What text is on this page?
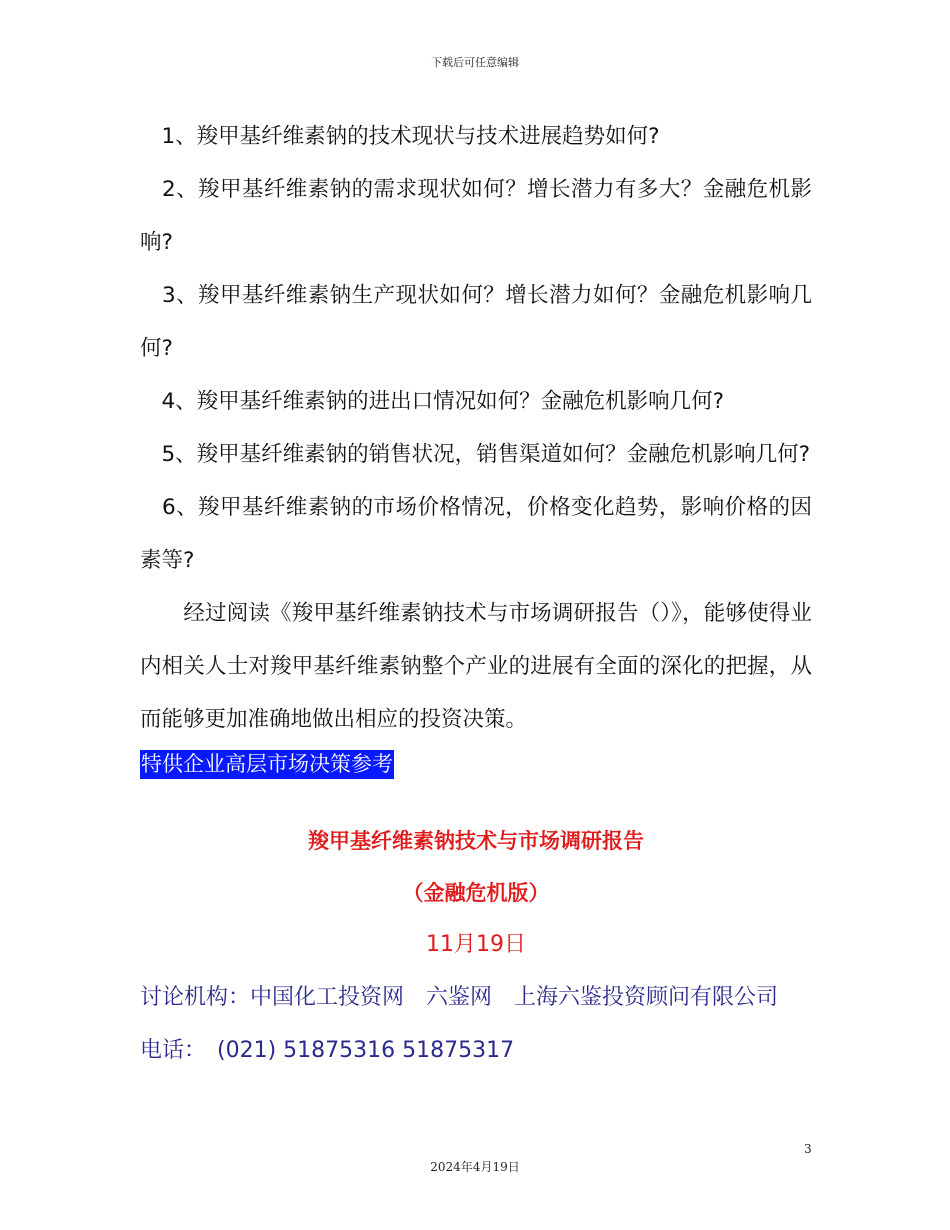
下载后可任意编辑

　1、羧甲基纤维素钠的技术现状与技术进展趋势如何?

　2、羧甲基纤维素钠的需求现状如何？增长潜力有多大？金融危机影响?

　3、羧甲基纤维素钠生产现状如何？增长潜力如何？金融危机影响几何?

　4、羧甲基纤维素钠的进出口情况如何？金融危机影响几何?

　5、羧甲基纤维素钠的销售状况，销售渠道如何？金融危机影响几何?

　6、羧甲基纤维素钠的市场价格情况，价格变化趋势，影响价格的因素等?

　　经过阅读《羧甲基纤维素钠技术与市场调研报告（）》，能够使得业内相关人士对羧甲基纤维素钠整个产业的进展有全面的深化的把握，从而能够更加准确地做出相应的投资决策。

特供企业高层市场决策参考

羧甲基纤维素钠技术与市场调研报告

（金融危机版）

11月19日

讨论机构：中国化工投资网　六鉴网　上海六鉴投资顾问有限公司

电话：　(021) 51875316 51875317

3
2024年4月19日
